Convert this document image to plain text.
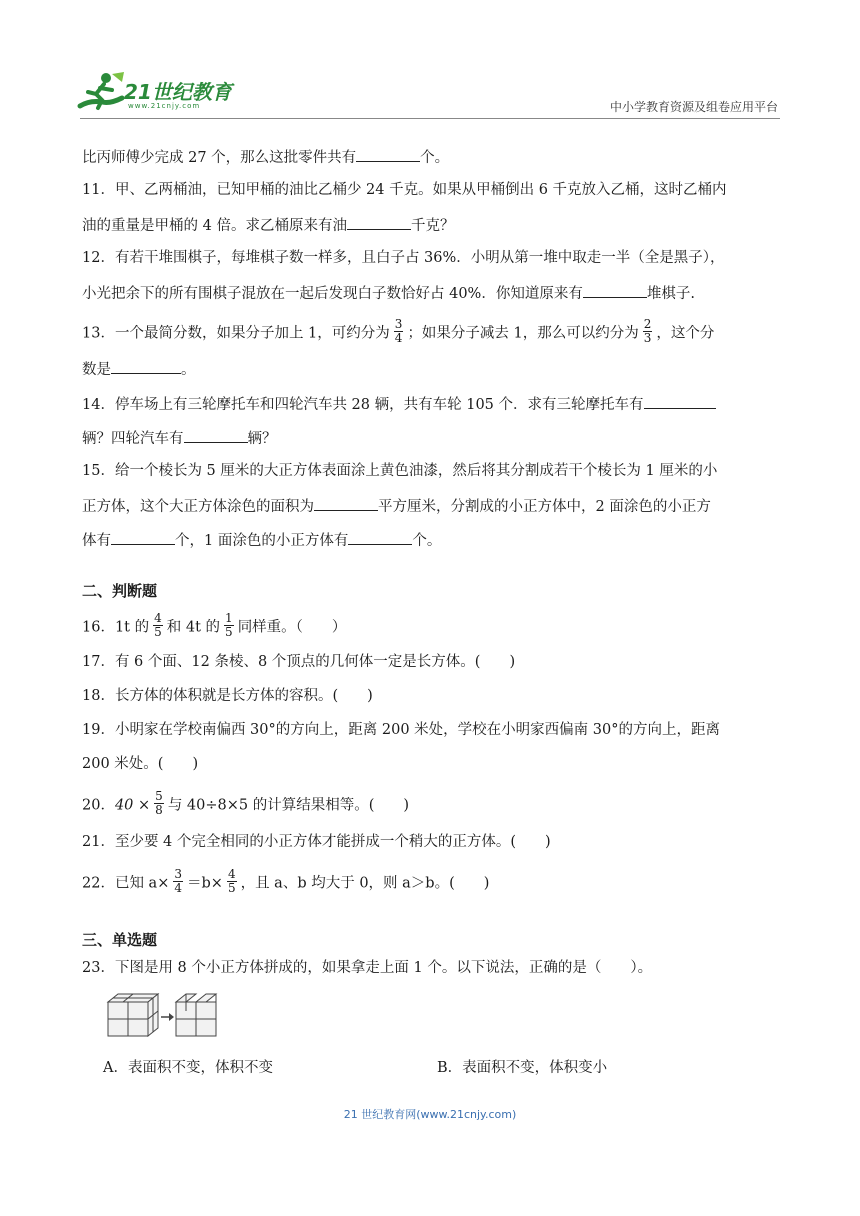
21世纪教育
www.21cnjy.com	中小学教育资源及组卷应用平台
比丙师傅少完成 27 个，那么这批零件共有	个。
11．甲、乙两桶油，已知甲桶的油比乙桶少 24 千克。如果从甲桶倒出 6 千克放入乙桶，这时乙桶内
油的重量是甲桶的 4 倍。求乙桶原来有油	千克？
12．有若干堆围棋子，每堆棋子数一样多，且白子占 36%．小明从第一堆中取走一半（全是黑子），
小光把余下的所有围棋子混放在一起后发现白子数恰好占 40%．你知道原来有	堆棋子.
13．一个最简分数，如果分子加上 1，可约分为 $\frac{3}{4}$ ；如果分子减去 1，那么可以约分为 $\frac{2}{3}$ ，这个分
数是	。
14．停车场上有三轮摩托车和四轮汽车共 28 辆，共有车轮 105 个．求有三轮摩托车有
辆？四轮汽车有	辆？
15．给一个棱长为 5 厘米的大正方体表面涂上黄色油漆，然后将其分割成若干个棱长为 1 厘米的小
正方体，这个大正方体涂色的面积为	平方厘米，分割成的小正方体中，2 面涂色的小正方
体有	个，1 面涂色的小正方体有	个。
二、判断题
16．1t 的 $\frac{4}{5}$ 和 4t 的 $\frac{1}{5}$ 同样重。（　　）
17．有 6 个面、12 条棱、8 个顶点的几何体一定是长方体。(　　)
18．长方体的体积就是长方体的容积。(　　)
19．小明家在学校南偏西 30°的方向上，距离 200 米处，学校在小明家西偏南 30°的方向上，距离
200 米处。(　　)
20．$40 \times \frac{5}{8}$ 与 40÷8×5 的计算结果相等。(　　)
21．至少要 4 个完全相同的小正方体才能拼成一个稍大的正方体。(　　)
22．已知 $a\times \frac{3}{4} =b\times \frac{4}{5}$ ，且 a、b 均大于 0，则 a＞b。(　　)
三、单选题
23．下图是用 8 个小正方体拼成的，如果拿走上面 1 个。以下说法，正确的是（　　）。
A．表面积不变，体积不变	B．表面积不变，体积变小
21 世纪教育网(www.21cnjy.com)
